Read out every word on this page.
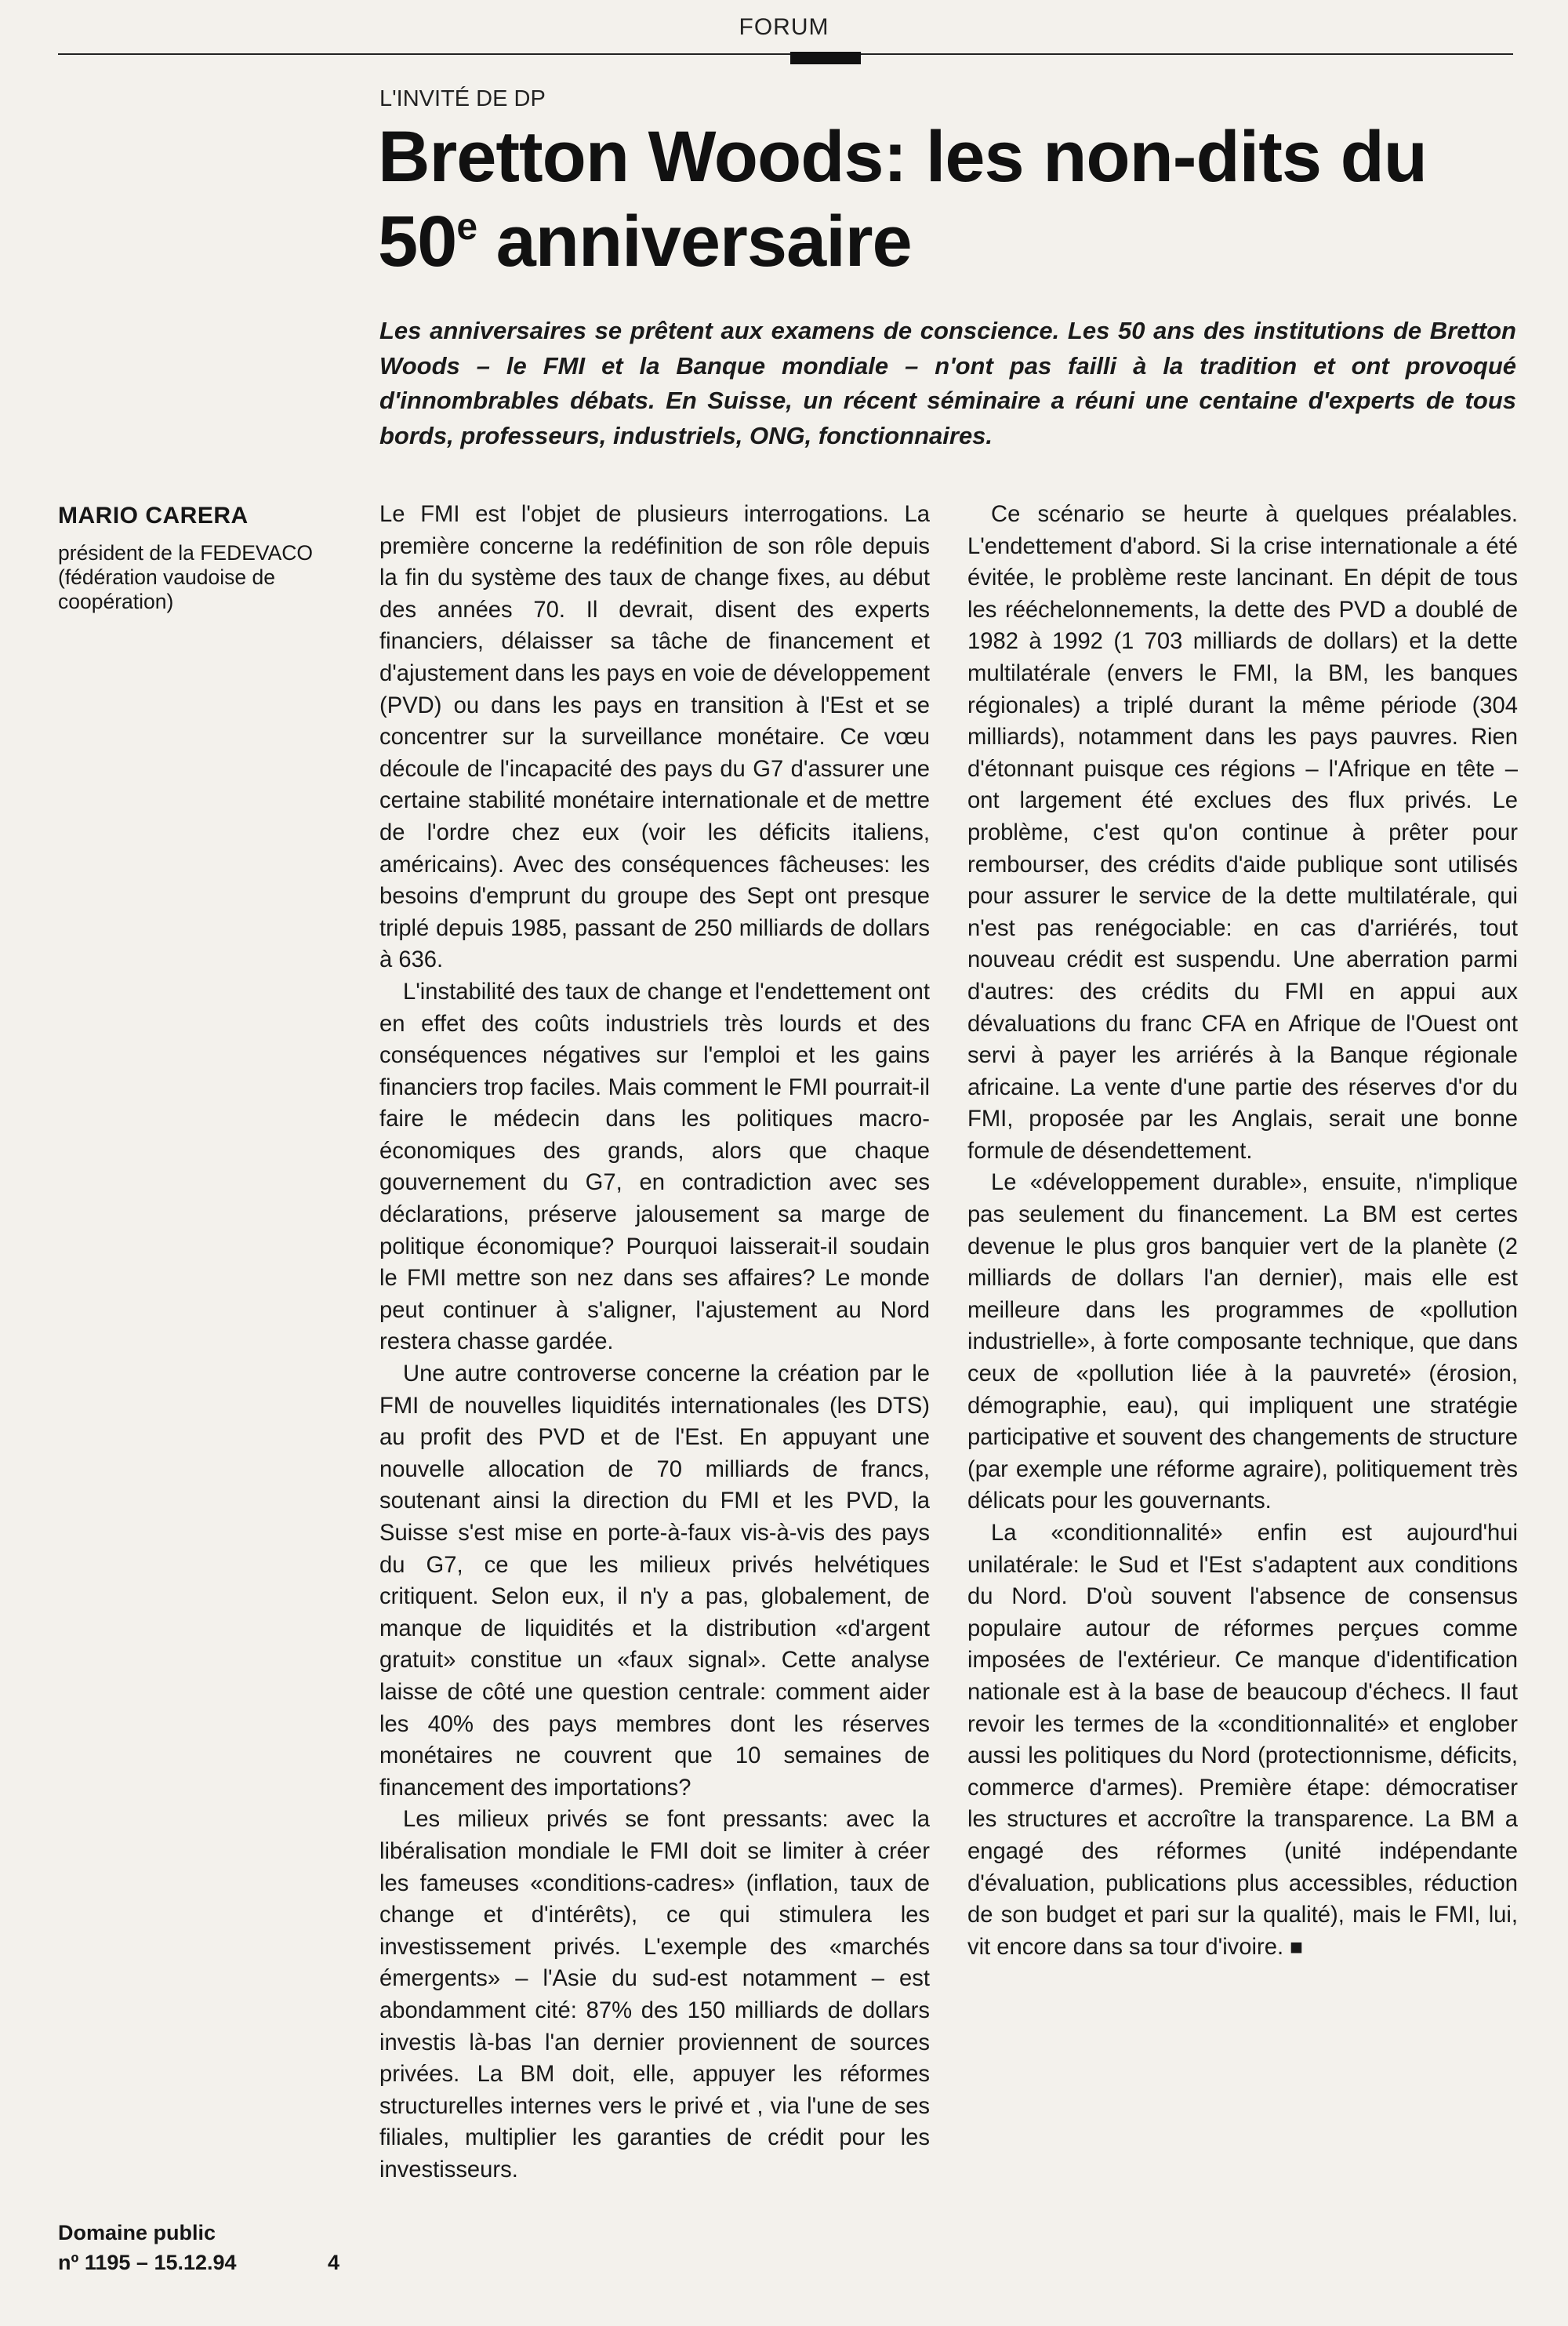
FORUM
L'INVITÉ DE DP
Bretton Woods: les non-dits du
50e anniversaire

Les anniversaires se prêtent aux examens de conscience. Les 50 ans des institutions de Bretton Woods – le FMI et la Banque mondiale – n'ont pas failli à la tradition et ont provoqué d'innombrables débats. En Suisse, un récent séminaire a réuni une centaine d'experts de tous bords, professeurs, industriels, ONG, fonctionnaires.

MARIO CARERA

président de la FEDEVACO (fédération vaudoise de coopération)

Le FMI est l'objet de plusieurs interrogations. La première concerne la redéfinition de son rôle depuis la fin du système des taux de change fixes, au début des années 70. Il devrait, disent des experts financiers, délaisser sa tâche de financement et d'ajustement dans les pays en voie de développement (PVD) ou dans les pays en transition à l'Est et se concentrer sur la surveillance monétaire. Ce vœu découle de l'incapacité des pays du G7 d'assurer une certaine stabilité monétaire internationale et de mettre de l'ordre chez eux (voir les déficits italiens, américains). Avec des conséquences fâcheuses: les besoins d'emprunt du groupe des Sept ont presque triplé depuis 1985, passant de 250 milliards de dollars à 636.

L'instabilité des taux de change et l'endettement ont en effet des coûts industriels très lourds et des conséquences négatives sur l'emploi et les gains financiers trop faciles. Mais comment le FMI pourrait-il faire le médecin dans les politiques macro-économiques des grands, alors que chaque gouvernement du G7, en contradiction avec ses déclarations, préserve jalousement sa marge de politique économique? Pourquoi laisserait-il soudain le FMI mettre son nez dans ses affaires? Le monde peut continuer à s'aligner, l'ajustement au Nord restera chasse gardée.

Une autre controverse concerne la création par le FMI de nouvelles liquidités internationales (les DTS) au profit des PVD et de l'Est. En appuyant une nouvelle allocation de 70 milliards de francs, soutenant ainsi la direction du FMI et les PVD, la Suisse s'est mise en porte-à-faux vis-à-vis des pays du G7, ce que les milieux privés helvétiques critiquent. Selon eux, il n'y a pas, globalement, de manque de liquidités et la distribution «d'argent gratuit» constitue un «faux signal». Cette analyse laisse de côté une question centrale: comment aider les 40% des pays membres dont les réserves monétaires ne couvrent que 10 semaines de financement des importations?

Les milieux privés se font pressants: avec la libéralisation mondiale le FMI doit se limiter à créer les fameuses «conditions-cadres» (inflation, taux de change et d'intérêts), ce qui stimulera les investissement privés. L'exemple des «marchés émergents» – l'Asie du sud-est notamment – est abondamment cité: 87% des 150 milliards de dollars investis là-bas l'an dernier proviennent de sources privées. La BM doit, elle, appuyer les réformes structurelles internes vers le privé et , via l'une de ses filiales, multiplier les garanties de crédit pour les investisseurs.

Ce scénario se heurte à quelques préalables. L'endettement d'abord. Si la crise internationale a été évitée, le problème reste lancinant. En dépit de tous les rééchelonnements, la dette des PVD a doublé de 1982 à 1992 (1 703 milliards de dollars) et la dette multilatérale (envers le FMI, la BM, les banques régionales) a triplé durant la même période (304 milliards), notamment dans les pays pauvres. Rien d'étonnant puisque ces régions – l'Afrique en tête – ont largement été exclues des flux privés. Le problème, c'est qu'on continue à prêter pour rembourser, des crédits d'aide publique sont utilisés pour assurer le service de la dette multilatérale, qui n'est pas renégociable: en cas d'arriérés, tout nouveau crédit est suspendu. Une aberration parmi d'autres: des crédits du FMI en appui aux dévaluations du franc CFA en Afrique de l'Ouest ont servi à payer les arriérés à la Banque régionale africaine. La vente d'une partie des réserves d'or du FMI, proposée par les Anglais, serait une bonne formule de désendettement.

Le «développement durable», ensuite, n'implique pas seulement du financement. La BM est certes devenue le plus gros banquier vert de la planète (2 milliards de dollars l'an dernier), mais elle est meilleure dans les programmes de «pollution industrielle», à forte composante technique, que dans ceux de «pollution liée à la pauvreté» (érosion, démographie, eau), qui impliquent une stratégie participative et souvent des changements de structure (par exemple une réforme agraire), politiquement très délicats pour les gouvernants.

La «conditionnalité» enfin est aujourd'hui unilatérale: le Sud et l'Est s'adaptent aux conditions du Nord. D'où souvent l'absence de consensus populaire autour de réformes perçues comme imposées de l'extérieur. Ce manque d'identification nationale est à la base de beaucoup d'échecs. Il faut revoir les termes de la «conditionnalité» et englober aussi les politiques du Nord (protectionnisme, déficits, commerce d'armes). Première étape: démocratiser les structures et accroître la transparence. La BM a engagé des réformes (unité indépendante d'évaluation, publications plus accessibles, réduction de son budget et pari sur la qualité), mais le FMI, lui, vit encore dans sa tour d'ivoire. ■

Domaine public
nº 1195 – 15.12.94	4
